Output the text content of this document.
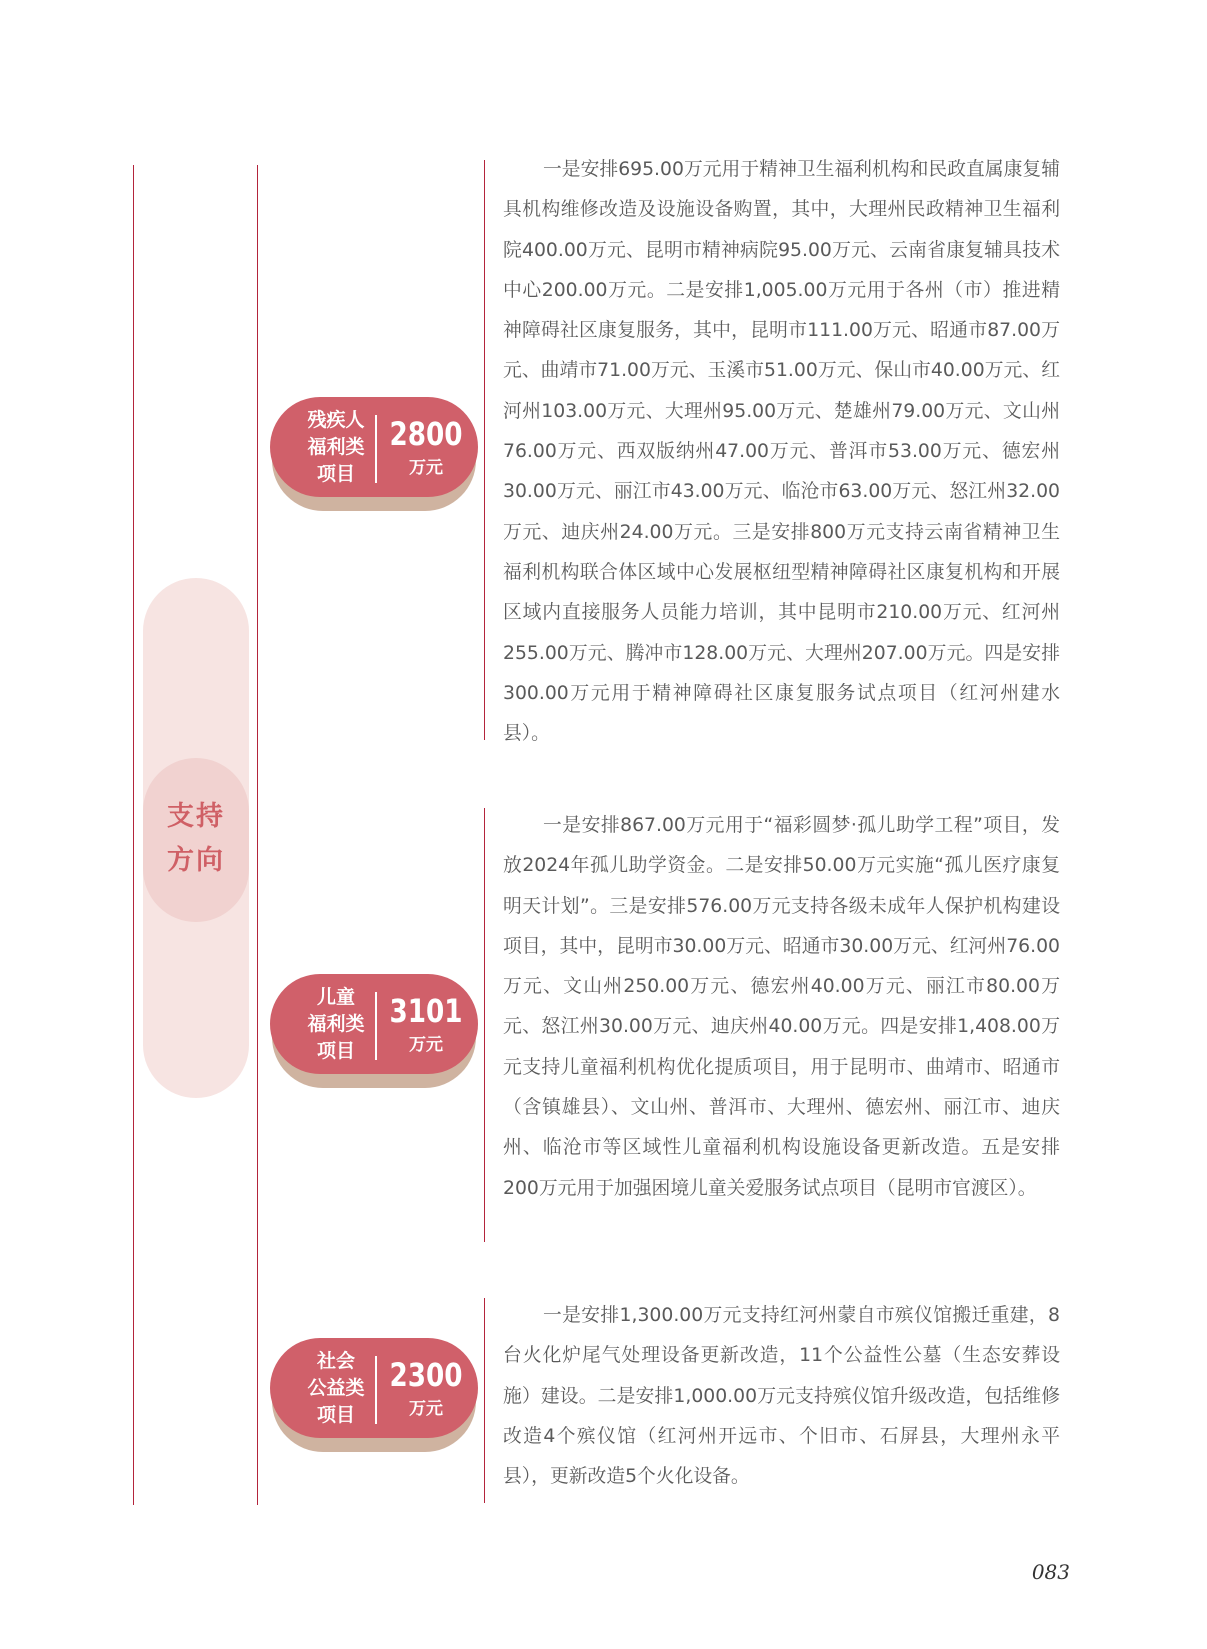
支持
方向
残疾人
福利类
项目
2800
万元

一是安排695.00万元用于精神卫生福利机构和民政直属康复辅具机构维修改造及设施设备购置，其中，大理州民政精神卫生福利院400.00万元、昆明市精神病院95.00万元、云南省康复辅具技术中心200.00万元。二是安排1,005.00万元用于各州（市）推进精神障碍社区康复服务，其中，昆明市111.00万元、昭通市87.00万元、曲靖市71.00万元、玉溪市51.00万元、保山市40.00万元、红河州103.00万元、大理州95.00万元、楚雄州79.00万元、文山州76.00万元、西双版纳州47.00万元、普洱市53.00万元、德宏州30.00万元、丽江市43.00万元、临沧市63.00万元、怒江州32.00万元、迪庆州24.00万元。三是安排800万元支持云南省精神卫生福利机构联合体区域中心发展枢纽型精神障碍社区康复机构和开展区域内直接服务人员能力培训，其中昆明市210.00万元、红河州255.00万元、腾冲市128.00万元、大理州207.00万元。四是安排300.00万元用于精神障碍社区康复服务试点项目（红河州建水县）。

儿童
福利类
项目
3101
万元

一是安排867.00万元用于“福彩圆梦·孤儿助学工程”项目，发放2024年孤儿助学资金。二是安排50.00万元实施“孤儿医疗康复明天计划”。三是安排576.00万元支持各级未成年人保护机构建设项目，其中，昆明市30.00万元、昭通市30.00万元、红河州76.00万元、文山州250.00万元、德宏州40.00万元、丽江市80.00万元、怒江州30.00万元、迪庆州40.00万元。四是安排1,408.00万元支持儿童福利机构优化提质项目，用于昆明市、曲靖市、昭通市（含镇雄县）、文山州、普洱市、大理州、德宏州、丽江市、迪庆州、临沧市等区域性儿童福利机构设施设备更新改造。五是安排200万元用于加强困境儿童关爱服务试点项目（昆明市官渡区）。

社会
公益类
项目
2300
万元

一是安排1,300.00万元支持红河州蒙自市殡仪馆搬迁重建，8台火化炉尾气处理设备更新改造，11个公益性公墓（生态安葬设施）建设。二是安排1,000.00万元支持殡仪馆升级改造，包括维修改造4个殡仪馆（红河州开远市、个旧市、石屏县，大理州永平县），更新改造5个火化设备。

083
